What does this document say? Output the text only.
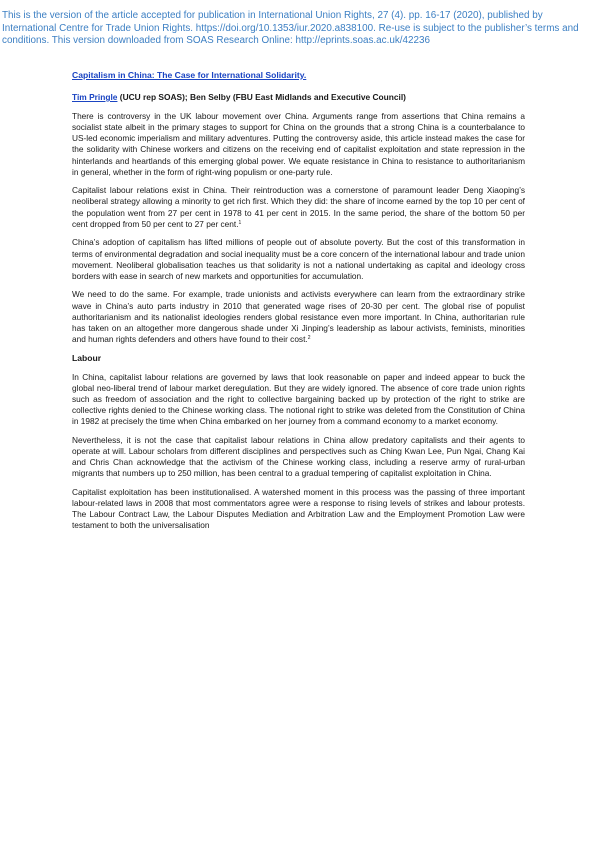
This is the version of the article accepted for publication in International Union Rights, 27 (4). pp. 16-17 (2020), published by International Centre for Trade Union Rights. https://doi.org/10.1353/iur.2020.a838100. Re-use is subject to the publisher’s terms and conditions. This version downloaded from SOAS Research Online: http://eprints.soas.ac.uk/42236
Capitalism in China: The Case for International Solidarity.
Tim Pringle (UCU rep SOAS); Ben Selby (FBU East Midlands and Executive Council)

There is controversy in the UK labour movement over China. Arguments range from assertions that China remains a socialist state albeit in the primary stages to support for China on the grounds that a strong China is a counterbalance to US-led economic imperialism and military adventures. Putting the controversy aside, this article instead makes the case for the solidarity with Chinese workers and citizens on the receiving end of capitalist exploitation and state repression in the hinterlands and heartlands of this emerging global power. We equate resistance in China to resistance to authoritarianism in general, whether in the form of right-wing populism or one-party rule.

Capitalist labour relations exist in China. Their reintroduction was a cornerstone of paramount leader Deng Xiaoping’s neoliberal strategy allowing a minority to get rich first. Which they did: the share of income earned by the top 10 per cent of the population went from 27 per cent in 1978 to 41 per cent in 2015. In the same period, the share of the bottom 50 per cent dropped from 50 per cent to 27 per cent.$^1$

China’s adoption of capitalism has lifted millions of people out of absolute poverty. But the cost of this transformation in terms of environmental degradation and social inequality must be a core concern of the international labour and trade union movement. Neoliberal globalisation teaches us that solidarity is not a national undertaking as capital and ideology cross borders with ease in search of new markets and opportunities for accumulation.

We need to do the same. For example, trade unionists and activists everywhere can learn from the extraordinary strike wave in China’s auto parts industry in 2010 that generated wage rises of 20-30 per cent. The global rise of populist authoritarianism and its nationalist ideologies renders global resistance even more important. In China, authoritarian rule has taken on an altogether more dangerous shade under Xi Jinping’s leadership as labour activists, feminists, minorities and human rights defenders and others have found to their cost.$^2$

Labour

In China, capitalist labour relations are governed by laws that look reasonable on paper and indeed appear to buck the global neo-liberal trend of labour market deregulation. But they are widely ignored. The absence of core trade union rights such as freedom of association and the right to collective bargaining backed up by protection of the right to strike are collective rights denied to the Chinese working class. The notional right to strike was deleted from the Constitution of China in 1982 at precisely the time when China embarked on her journey from a command economy to a market economy.

Nevertheless, it is not the case that capitalist labour relations in China allow predatory capitalists and their agents to operate at will. Labour scholars from different disciplines and perspectives such as Ching Kwan Lee, Pun Ngai, Chang Kai and Chris Chan acknowledge that the activism of the Chinese working class, including a reserve army of rural-urban migrants that numbers up to 250 million, has been central to a gradual tempering of capitalist exploitation in China.

Capitalist exploitation has been institutionalised. A watershed moment in this process was the passing of three important labour-related laws in 2008 that most commentators agree were a response to rising levels of strikes and labour protests. The Labour Contract Law, the Labour Disputes Mediation and Arbitration Law and the Employment Promotion Law were testament to both the universalisation
